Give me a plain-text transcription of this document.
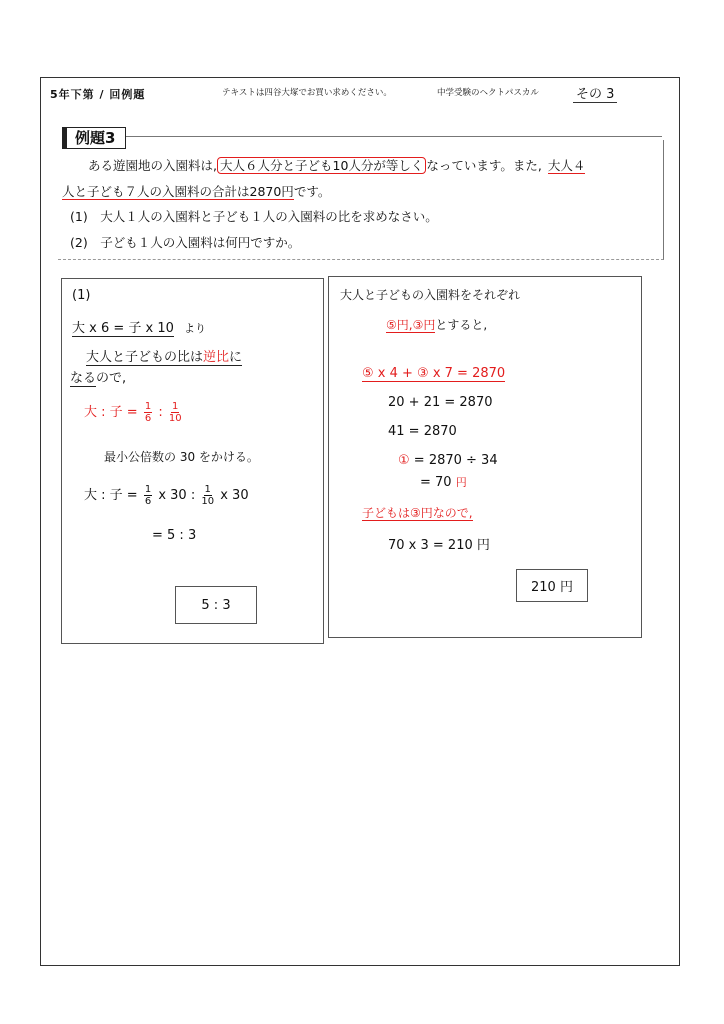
5年下第 / 回例題	テキストは四谷大塚でお買い求めください。	中学受験のヘクトパスカル	その 3
例題3
ある遊園地の入園料は, 大人６人分と子ども10人分が等しく なっています。また, 大人４
人と子ども７人の入園料の合計は2870円です。
(1)　大人１人の入園料と子ども１人の入園料の比を求めなさい。
(2)　子ども１人の入園料は何円ですか。
(1)
大 x 6 = 子 x 10 より
大人と子どもの比は逆比に
なるので,
大 : 子 = $\frac{1}{6}$ : $\frac{1}{10}$
最小公倍数の 30 をかける。
大 : 子 = $\frac{1}{6}$ x 30 : $\frac{1}{10}$ x 30
= 5 : 3
5 : 3
大人と子どもの入園料をそれぞれ
⑤円,③円とすると,
⑤ x 4 + ③ x 7 = 2870
20 + 21 = 2870
41 = 2870
① = 2870 ÷ 34
= 70 円
子どもは③円なので,
70 x 3 = 210 円
210 円
